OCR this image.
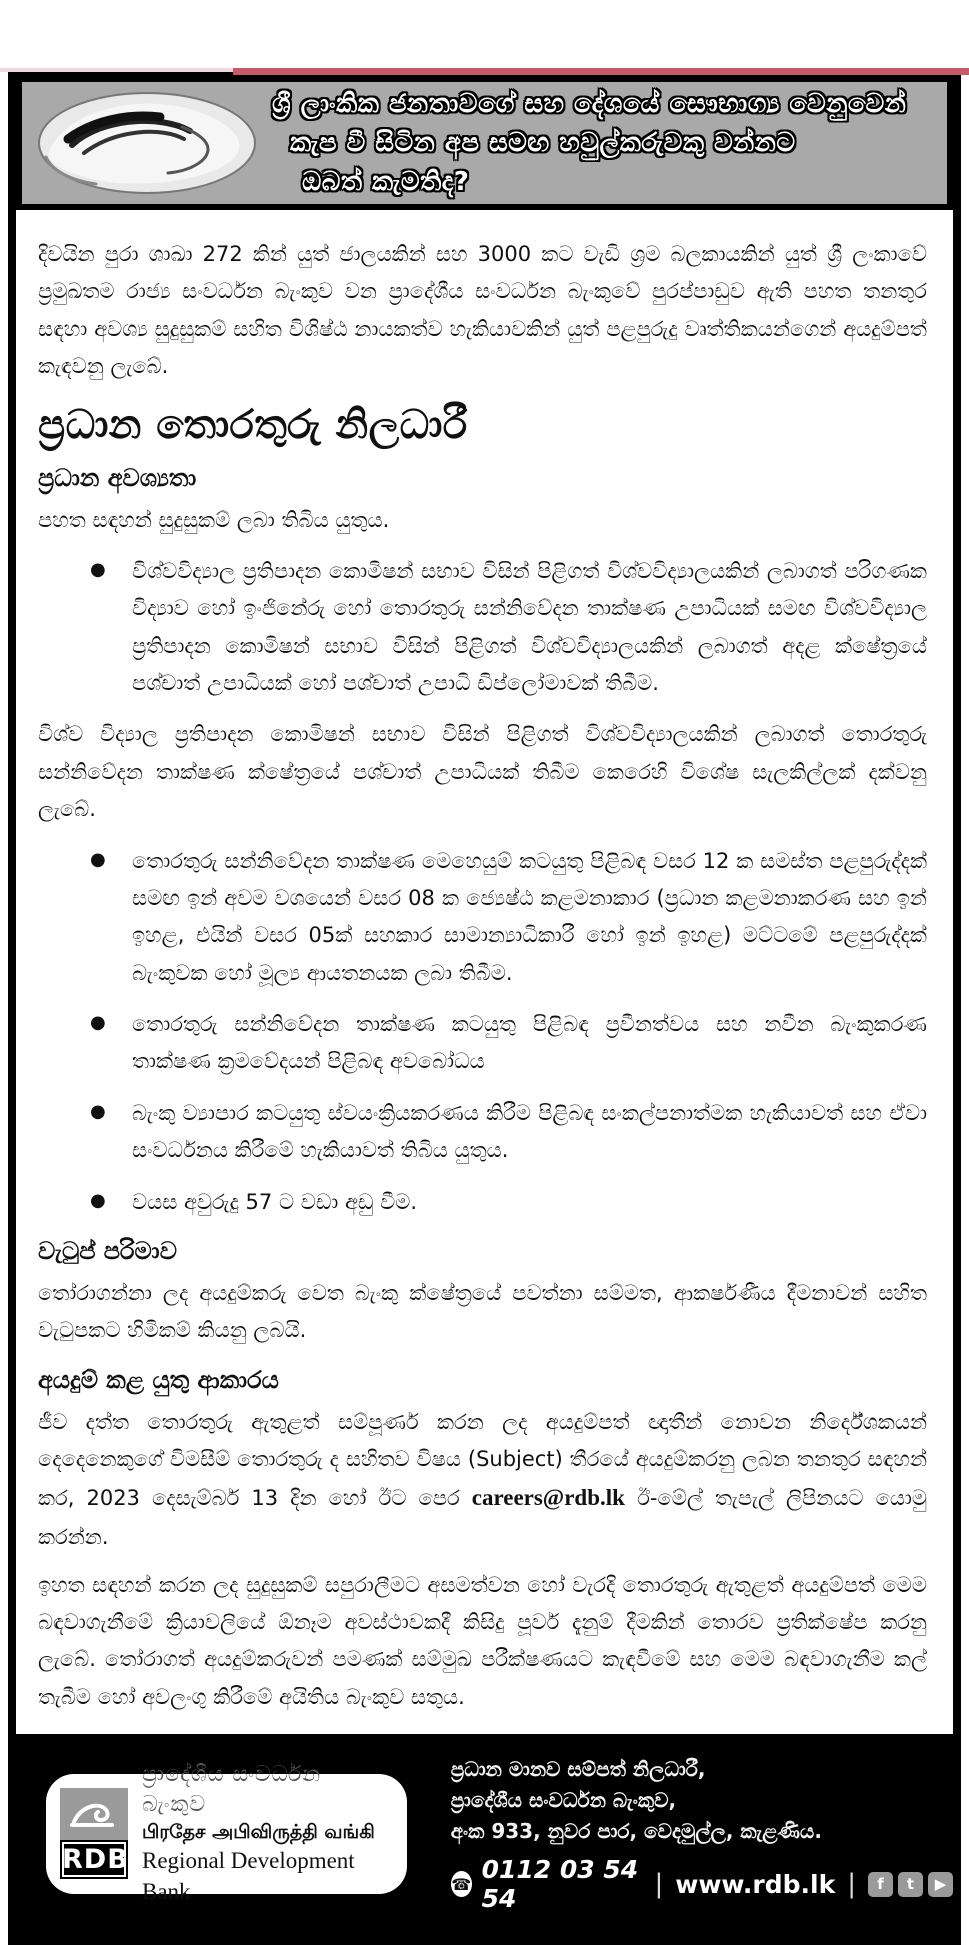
ශ්‍රී ලාංකික ජනතාවගේ සහ දේශයේ සෞභාග්‍ය වෙනුවෙන්
කැප වී සිටින අප සමඟ හවුල්කරුවකු වන්නට
ඔබත් කැමතිද?

දිවයින පුරා ශාඛා 272 කින් යුත් ජාලයකින් සහ 3000 කට වැඩි ශ්‍රම බලකායකින් යුත් ශ්‍රී ලංකාවේ ප්‍රමුඛතම රාජ්‍ය සංවර්ධන බැංකුව වන ප්‍රාදේශීය සංවර්ධන බැංකුවේ පුරප්පාඩුව ඇති පහත තනතුර සඳහා අවශ්‍ය සුදුසුකම් සහිත විශිෂ්ඨ නායකත්ව හැකියාවකින් යුත් පළපුරුදු වෘත්තිකයන්ගෙන් අයදුම්පත් කැඳවනු ලැබේ.

ප්‍රධාන තොරතුරු නිලධාරී
ප්‍රධාන අවශ්‍යතා

පහත සඳහන් සුදුසුකම් ලබා තිබිය යුතුය.

● විශ්වවිද්‍යාල ප්‍රතිපාදන කොමිෂන් සභාව විසින් පිළිගත් විශ්වවිද්‍යාලයකින් ලබාගත් පරිගණක විද්‍යාව හෝ ඉංජිනේරු හෝ තොරතුරු සන්නිවේදන තාක්ෂණ උපාධියක් සමඟ විශ්වවිද්‍යාල ප්‍රතිපාදන කොමිෂන් සභාව විසින් පිළිගත් විශ්වවිද්‍යාලයකින් ලබාගත් අදළ ක්ෂේත්‍රයේ පශ්චාත් උපාධියක් හෝ පශ්චාත් උපාධි ඩිප්ලෝමාවක් තිබීම.

විශ්ව විද්‍යාල ප්‍රතිපාදන කොමිෂන් සභාව විසින් පිළිගත් විශ්වවිද්‍යාලයකින් ලබාගත් තොරතුරු සන්නිවේදන තාක්ෂණ ක්ෂේත්‍රයේ පශ්චාත් උපාධියක් තිබීම කෙරෙහි විශේෂ සැලකිල්ලක් දක්වනු ලැබේ.

● තොරතුරු සන්නිවේදන තාක්ෂණ මෙහෙයුම් කටයුතු පිළිබඳ වසර 12 ක සමස්ත පළපුරුද්දක් සමඟ ඉන් අවම වශයෙන් වසර 08 ක ජ්‍යෙෂ්ඨ කළමනාකාර (ප්‍රධාන කළමනාකරණ සහ ඉන් ඉහළ, එයින් වසර 05ක් සහකාර සාමාන්‍යාධිකාරී හෝ ඉන් ඉහළ) මට්ටමේ පළපුරුද්දක් බැංකුවක හෝ මූල්‍ය ආයතනයක ලබා තිබීම.
● තොරතුරු සන්නිවේදන තාක්ෂණ කටයුතු පිළිබඳ ප්‍රවීනත්වය සහ නවීන බැංකුකරණ තාක්ෂණ ක්‍රමවේදයන් පිළිබඳ අවබෝධය
● බැංකු ව්‍යාපාර කටයුතු ස්වයංක්‍රියකරණය කිරීම පිළිබඳ සංකල්පනාත්මක හැකියාවත් සහ ඒවා සංවර්ධනය කිරීමේ හැකියාවත් තිබිය යුතුය.
● වයස අවුරුදු 57 ට වඩා අඩු වීම.
වැටුප් පරිමාව

තෝරාගන්නා ලද අයදුම්කරු වෙත බැංකු ක්ෂේත්‍රයේ පවත්නා සම්මත, ආකර්ෂණීය දීමනාවන් සහිත වැටුපකට හිමිකම් කියනු ලබයි.

අයදුම් කළ යුතු ආකාරය

ජීව දත්ත තොරතුරු ඇතුළත් සම්පූර්ණ කරන ලද අයදුම්පත් ඥාතීන් නොවන නිර්දේශකයන් දෙදෙනෙකුගේ විමසීම් තොරතුරු ද සහිතව විෂය (Subject) තීරයේ අයදුම්කරනු ලබන තනතුර සඳහන් කර, 2023 දෙසැම්බර් 13 දින හෝ ඊට පෙර careers@rdb.lk ඊ-මේල් තැපැල් ලිපිනයට යොමු කරන්න.

ඉහත සඳහන් කරන ලද සුදුසුකම් සපුරාලීමට අසමත්වන හෝ වැරදි තොරතුරු ඇතුළත් අයදුම්පත් මෙම බඳවාගැනීමේ ක්‍රියාවලියේ ඕනෑම අවස්ථාවකදී කිසිදු පූර්ව දැනුම් දීමකින් තොරව ප්‍රතික්ෂේප කරනු ලැබේ. තෝරාගත් අයදුම්කරුවන් පමණක් සම්මුඛ පරීක්ෂණයට කැඳවීමේ සහ මෙම බඳවාගැනීම කල් තැබීම හෝ අවලංගු කිරීමේ අයිතිය බැංකුව සතුය.

RDB
ප්‍රාදේශීය සංවර්ධන බැංකුව
பிரதேச அபிவிருத்தி வங்கி
Regional Development Bank
ප්‍රධාන මානව සම්පත් නිලධාරී,
ප්‍රාදේශීය සංවර්ධන බැංකුව,
අංක 933, නුවර පාර, වෙදමුල්ල, කැළණිය.
☎ 0112 03 54 54	| www.rdb.lk |	f	t	▶
